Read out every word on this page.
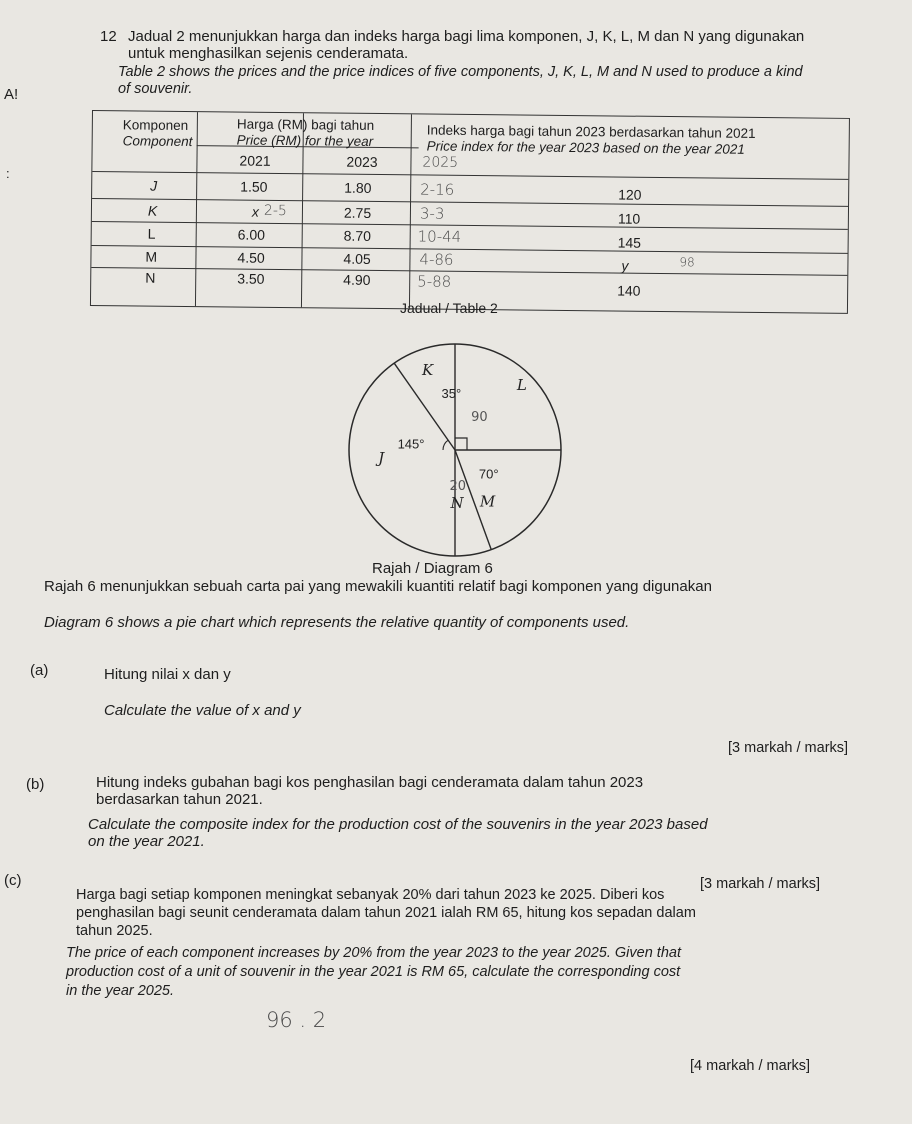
12 Jadual 2 menunjukkan harga dan indeks harga bagi lima komponen, J, K, L, M dan N yang digunakan
untuk menghasilkan sejenis cenderamata.
Table 2 shows the prices and the price indices of five components, J, K, L, M and N used to produce a kind
of souvenir.
A!
:
Komponen
Component
Harga (RM) bagi tahun
Price (RM) for the year	Indeks harga bagi tahun 2023 berdasarkan tahun 2021
Price index for the year 2023 based on the year 2021
2021	2023	2025
J	1.50	1.80	2-16	120
K	x 2-5	2.75	3-3	110
L	6.00	8.70	10-44	145
M	4.50	4.05	4-86	y	98
N	3.50	4.90	5-88	140
Jadual / Table 2
K
L
M
N
J
35°
70°
145°
90
20
Rajah / Diagram 6
Rajah 6 menunjukkan sebuah carta pai yang mewakili kuantiti relatif bagi komponen yang digunakan
Diagram 6 shows a pie chart which represents the relative quantity of components used.
(a)	Hitung nilai x dan y
Calculate the value of x and y
[3 markah / marks]
(b)	Hitung indeks gubahan bagi kos penghasilan bagi cenderamata dalam tahun 2023
berdasarkan tahun 2021.
Calculate the composite index for the production cost of the souvenirs in the year 2023 based
on the year 2021.
[3 markah / marks]
(c)
Harga bagi setiap komponen meningkat sebanyak 20% dari tahun 2023 ke 2025. Diberi kos
penghasilan bagi seunit cenderamata dalam tahun 2021 ialah RM 65, hitung kos sepadan dalam
tahun 2025.
The price of each component increases by 20% from the year 2023 to the year 2025. Given that
production cost of a unit of souvenir in the year 2021 is RM 65, calculate the corresponding cost
in the year 2025.
96 . 2
[4 markah / marks]
